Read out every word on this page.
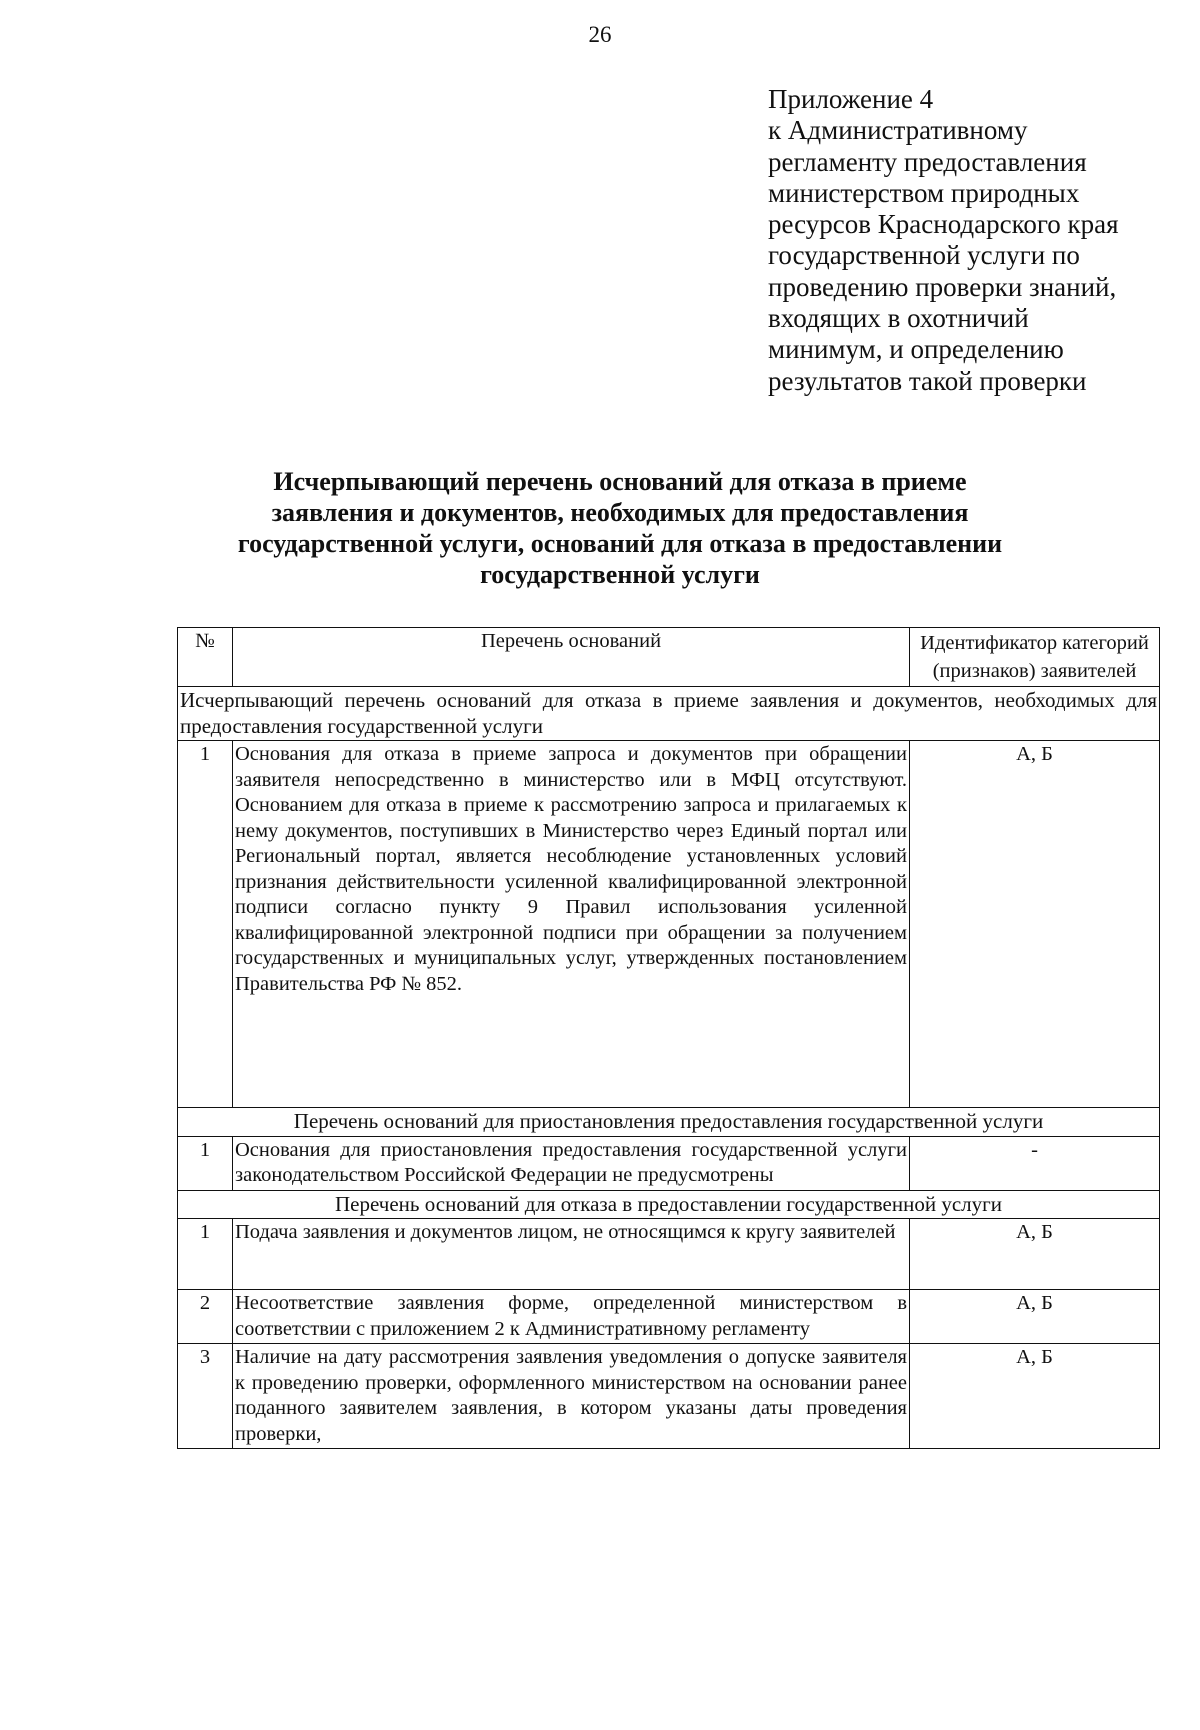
26
Приложение 4
к Административному
регламенту предоставления
министерством природных
ресурсов Краснодарского края
государственной услуги по
проведению проверки знаний,
входящих в охотничий
минимум, и определению
результатов такой проверки
Исчерпывающий перечень оснований для отказа в приеме
заявления и документов, необходимых для предоставления
государственной услуги, оснований для отказа в предоставлении
государственной услуги
№	Перечень оснований	Идентификатор категорий (признаков) заявителей
Исчерпывающий перечень оснований для отказа в приеме заявления и документов, необходимых для предоставления государственной услуги		
1	Основания для отказа в приеме запроса и документов при обращении заявителя непосредственно в министерство или в МФЦ отсутствуют. Основанием для отказа в приеме к рассмотрению запроса и прилагаемых к нему документов, поступивших в Министерство через Единый портал или Региональный портал, является несоблюдение установленных условий признания действительности усиленной квалифицированной электронной подписи согласно пункту 9 Правил использования усиленной квалифицированной электронной подписи при обращении за получением государственных и муниципальных услуг, утвержденных постановлением Правительства РФ № 852.	А, Б
Перечень оснований для приостановления предоставления государственной услуги		
1	Основания для приостановления предоставления государственной услуги законодательством Российской Федерации не предусмотрены	-
Перечень оснований для отказа в предоставлении государственной услуги		
1	Подача заявления и документов лицом, не относящимся к кругу заявителей	А, Б
2	Несоответствие заявления форме, определенной министерством в соответствии с приложением 2 к Административному регламенту	А, Б
3	Наличие на дату рассмотрения заявления уведомления о допуске заявителя к проведению проверки, оформленного министерством на основании ранее поданного заявителем заявления, в котором указаны даты проведения проверки,	А, Б
